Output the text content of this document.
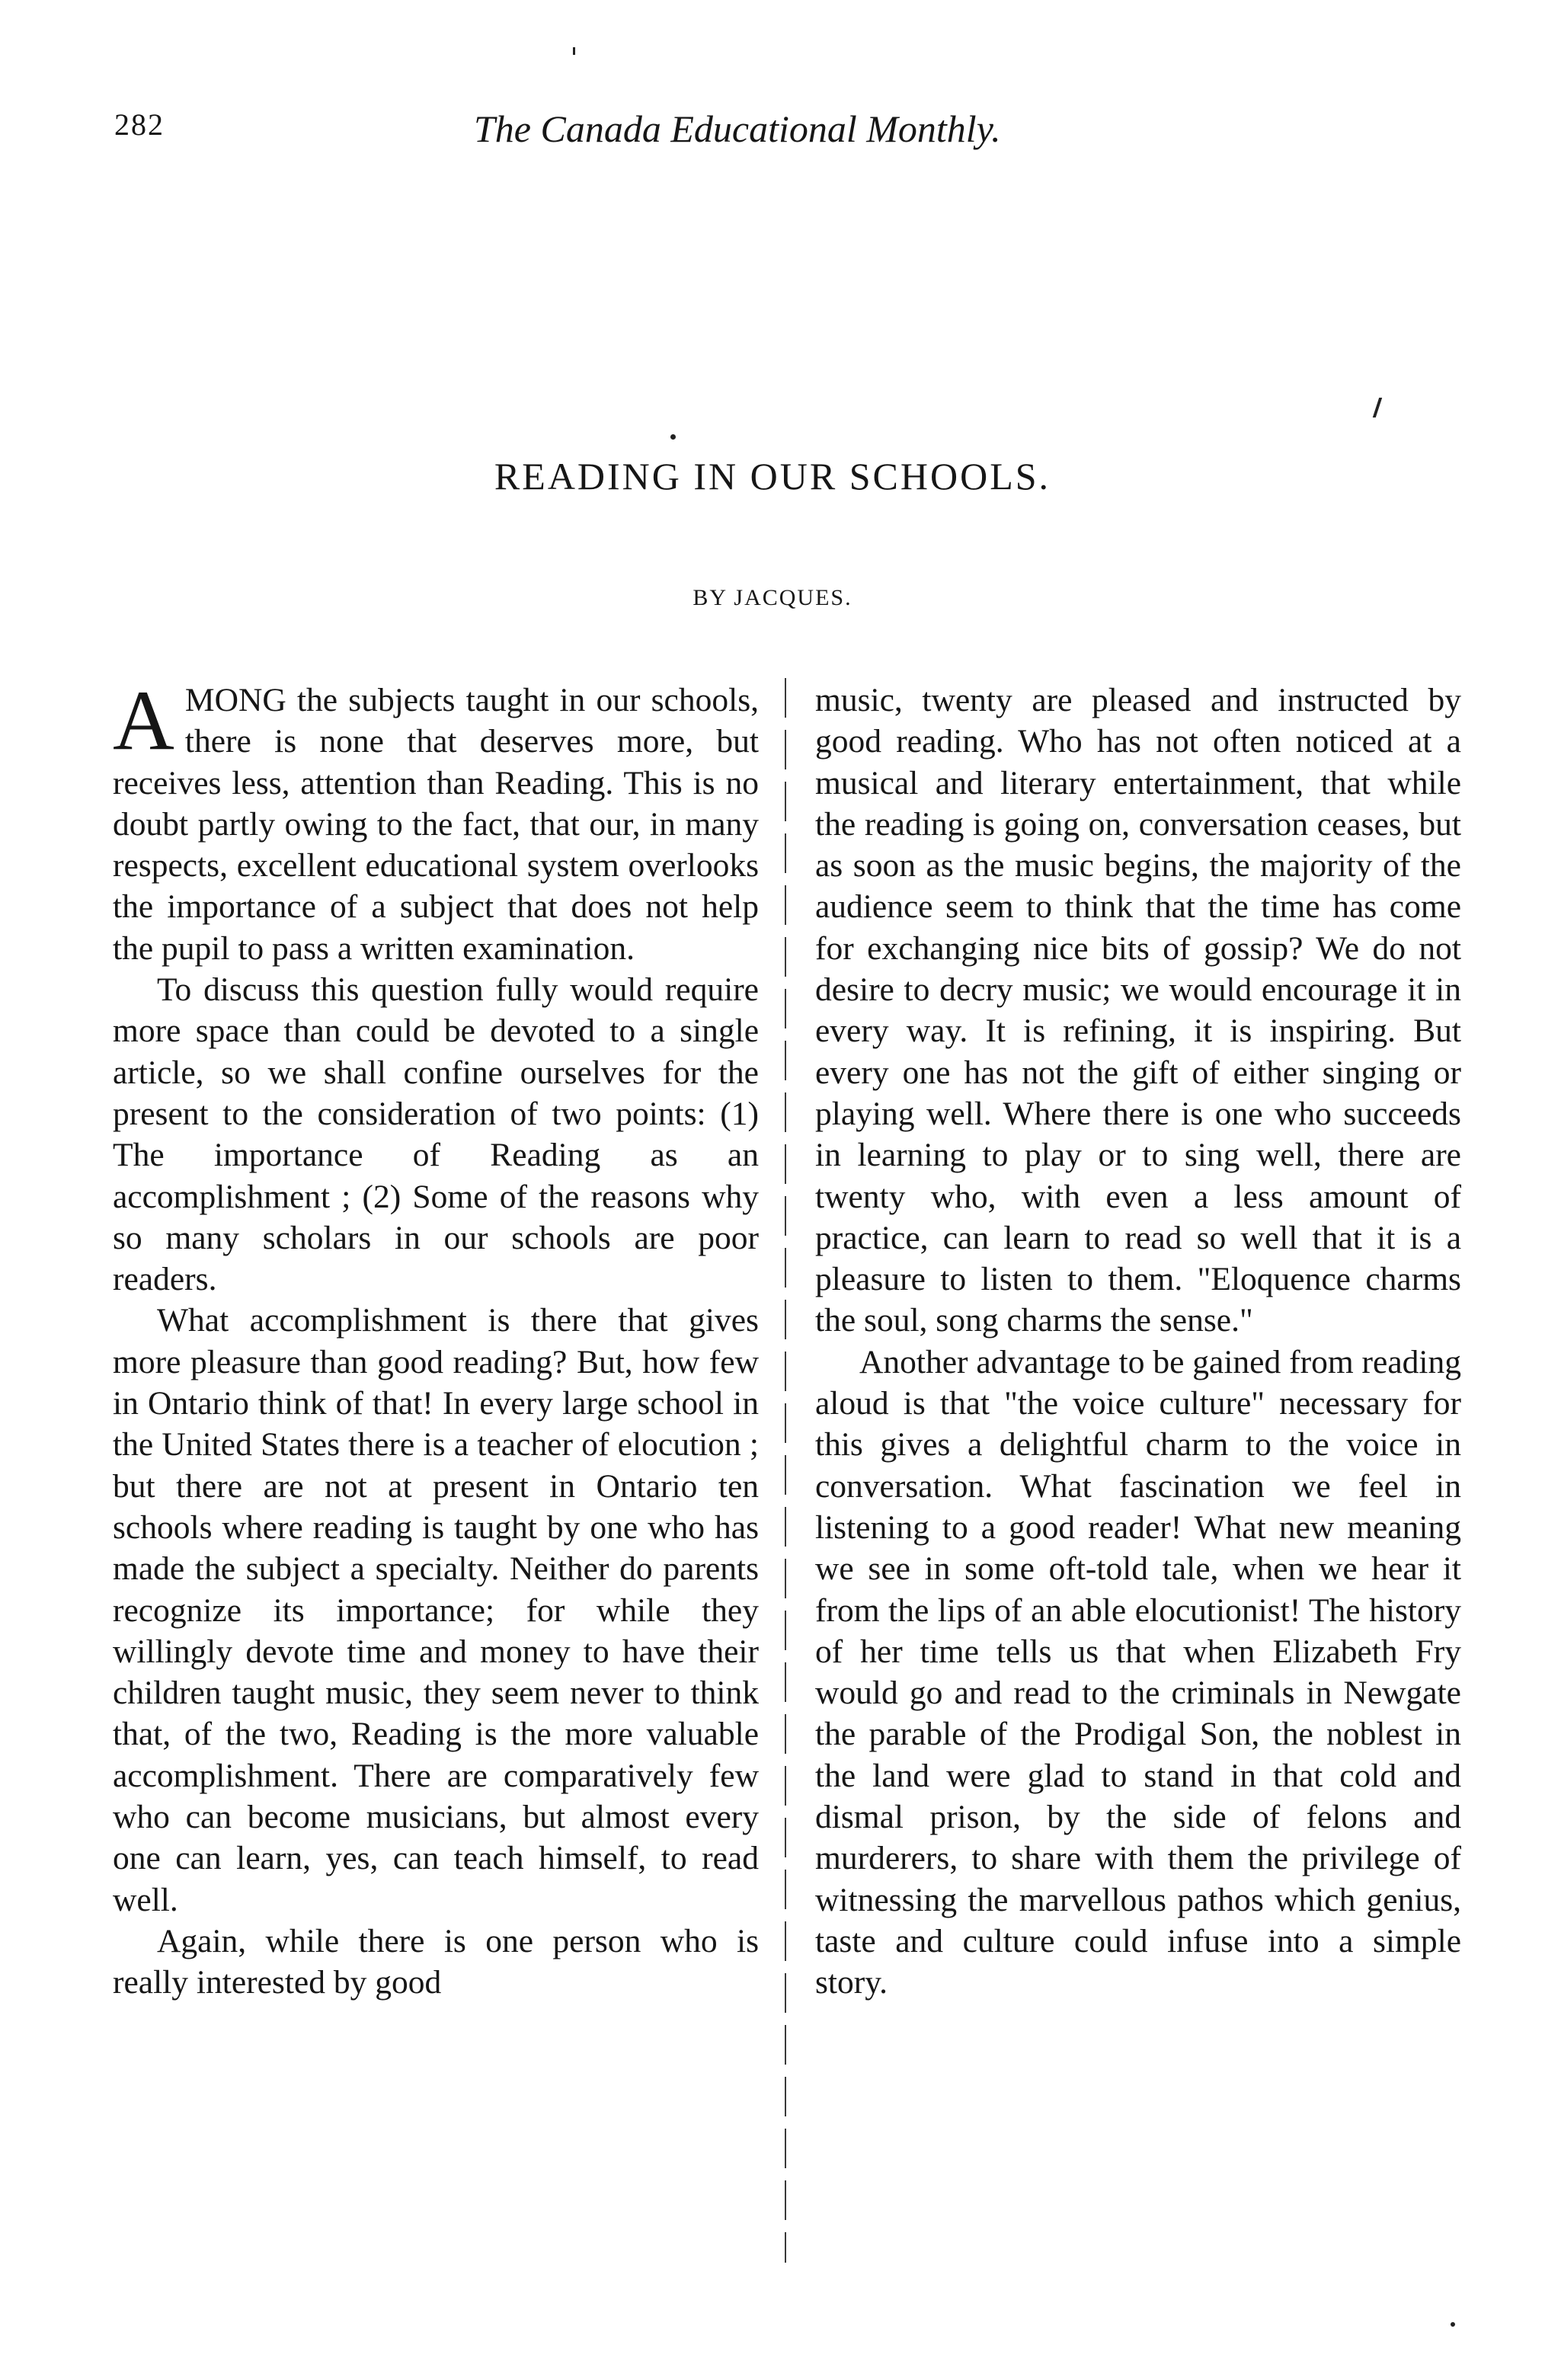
282	The Canada Educational Monthly.
READING IN OUR SCHOOLS.
BY JACQUES.

AMONG the subjects taught in our schools, there is none that deserves more, but receives less, attention than Reading. This is no doubt partly owing to the fact, that our, in many respects, excellent educational system overlooks the importance of a subject that does not help the pupil to pass a written examination.

To discuss this question fully would require more space than could be devoted to a single article, so we shall confine ourselves for the present to the consideration of two points: (1) The importance of Reading as an accomplishment ; (2) Some of the reasons why so many scholars in our schools are poor readers.

What accomplishment is there that gives more pleasure than good reading? But, how few in Ontario think of that! In every large school in the United States there is a teacher of elocution ; but there are not at present in Ontario ten schools where reading is taught by one who has made the subject a specialty. Neither do parents recognize its importance; for while they willingly devote time and money to have their children taught music, they seem never to think that, of the two, Reading is the more valuable accomplishment. There are comparatively few who can become musicians, but almost every one can learn, yes, can teach himself, to read well.

Again, while there is one person who is really interested by good

music, twenty are pleased and instructed by good reading. Who has not often noticed at a musical and literary entertainment, that while the reading is going on, conversation ceases, but as soon as the music begins, the majority of the audience seem to think that the time has come for exchanging nice bits of gossip? We do not desire to decry music; we would encourage it in every way. It is refining, it is inspiring. But every one has not the gift of either singing or playing well. Where there is one who succeeds in learning to play or to sing well, there are twenty who, with even a less amount of practice, can learn to read so well that it is a pleasure to listen to them. "Eloquence charms the soul, song charms the sense."

Another advantage to be gained from reading aloud is that "the voice culture" necessary for this gives a delightful charm to the voice in conversation. What fascination we feel in listening to a good reader! What new meaning we see in some oft-told tale, when we hear it from the lips of an able elocutionist! The history of her time tells us that when Elizabeth Fry would go and read to the criminals in Newgate the parable of the Prodigal Son, the noblest in the land were glad to stand in that cold and dismal prison, by the side of felons and murderers, to share with them the privilege of witnessing the marvellous pathos which genius, taste and culture could infuse into a simple story.
